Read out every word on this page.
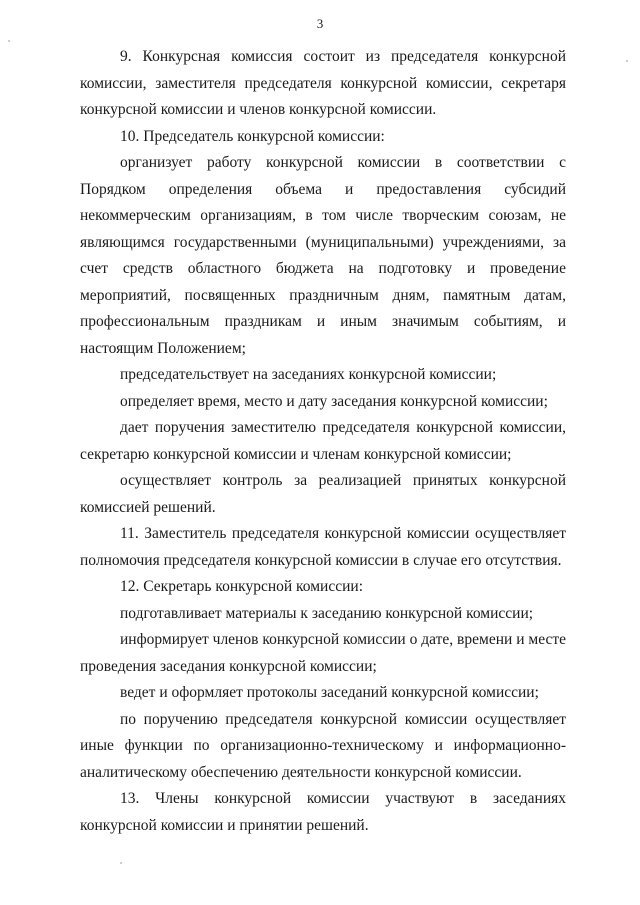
3

9. Конкурсная комиссия состоит из председателя конкурсной комиссии, заместителя председателя конкурсной комиссии, секретаря конкурсной комиссии и членов конкурсной комиссии.

10. Председатель конкурсной комиссии:

организует работу конкурсной комиссии в соответствии с Порядком определения объема и предоставления субсидий некоммерческим организациям, в том числе творческим союзам, не являющимся государственными (муниципальными) учреждениями, за счет средств областного бюджета на подготовку и проведение мероприятий, посвященных праздничным дням, памятным датам, профессиональным праздникам и иным значимым событиям, и настоящим Положением;

председательствует на заседаниях конкурсной комиссии;

определяет время, место и дату заседания конкурсной комиссии;

дает поручения заместителю председателя конкурсной комиссии, секретарю конкурсной комиссии и членам конкурсной комиссии;

осуществляет контроль за реализацией принятых конкурсной комиссией решений.

11. Заместитель председателя конкурсной комиссии осуществляет полномочия председателя конкурсной комиссии в случае его отсутствия.

12. Секретарь конкурсной комиссии:

подготавливает материалы к заседанию конкурсной комиссии;

информирует членов конкурсной комиссии о дате, времени и месте проведения заседания конкурсной комиссии;

ведет и оформляет протоколы заседаний конкурсной комиссии;

по поручению председателя конкурсной комиссии осуществляет иные функции по организационно-техническому и информационно-аналитическому обеспечению деятельности конкурсной комиссии.

13. Члены конкурсной комиссии участвуют в заседаниях конкурсной комиссии и принятии решений.
